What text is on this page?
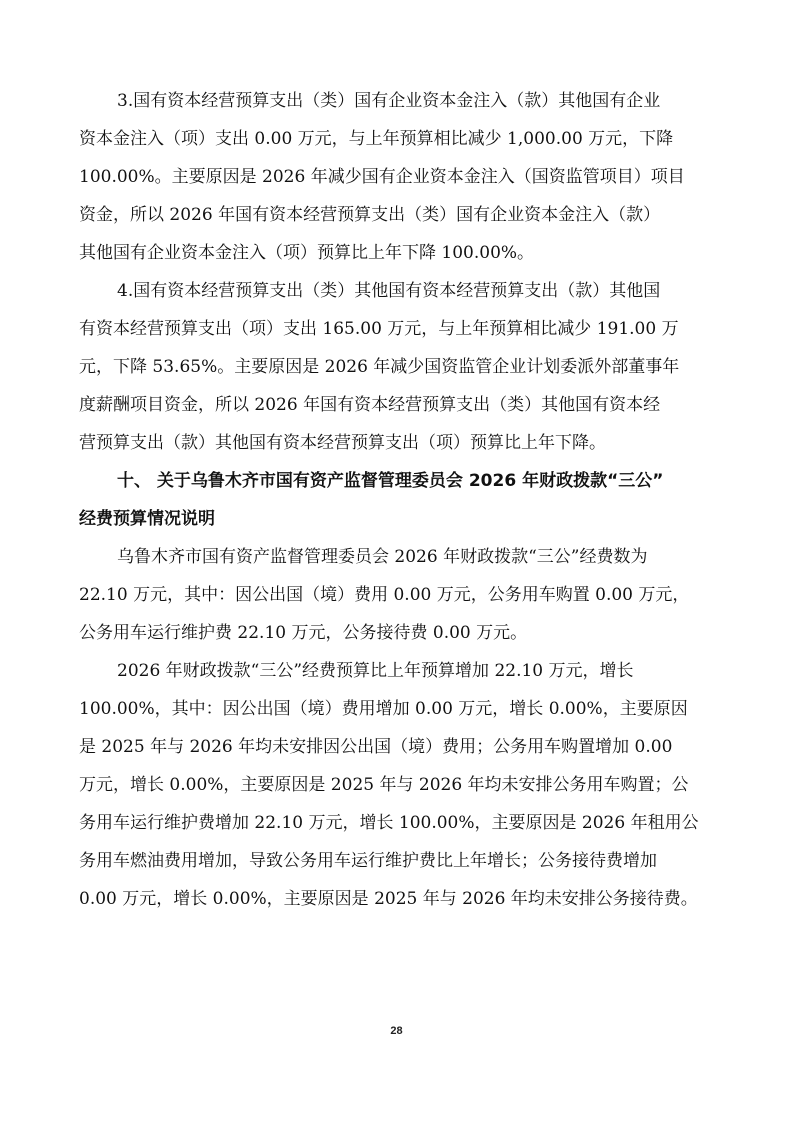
3.国有资本经营预算支出（类）国有企业资本金注入（款）其他国有企业
资本金注入（项）支出 0.00 万元，与上年预算相比减少 1,000.00 万元，下降
100.00%。主要原因是 2026 年减少国有企业资本金注入（国资监管项目）项目
资金，所以 2026 年国有资本经营预算支出（类）国有企业资本金注入（款）
其他国有企业资本金注入（项）预算比上年下降 100.00%。
4.国有资本经营预算支出（类）其他国有资本经营预算支出（款）其他国
有资本经营预算支出（项）支出 165.00 万元，与上年预算相比减少 191.00 万
元，下降 53.65%。主要原因是 2026 年减少国资监管企业计划委派外部董事年
度薪酬项目资金，所以 2026 年国有资本经营预算支出（类）其他国有资本经
营预算支出（款）其他国有资本经营预算支出（项）预算比上年下降。
十、 关于乌鲁木齐市国有资产监督管理委员会 2026 年财政拨款“三公”
经费预算情况说明
乌鲁木齐市国有资产监督管理委员会 2026 年财政拨款“三公”经费数为
22.10 万元，其中：因公出国（境）费用 0.00 万元，公务用车购置 0.00 万元，
公务用车运行维护费 22.10 万元，公务接待费 0.00 万元。
2026 年财政拨款“三公”经费预算比上年预算增加 22.10 万元，增长
100.00%，其中：因公出国（境）费用增加 0.00 万元，增长 0.00%，主要原因
是 2025 年与 2026 年均未安排因公出国（境）费用；公务用车购置增加 0.00
万元，增长 0.00%，主要原因是 2025 年与 2026 年均未安排公务用车购置；公
务用车运行维护费增加 22.10 万元，增长 100.00%，主要原因是 2026 年租用公
务用车燃油费用增加，导致公务用车运行维护费比上年增长；公务接待费增加
0.00 万元，增长 0.00%，主要原因是 2025 年与 2026 年均未安排公务接待费。
28
